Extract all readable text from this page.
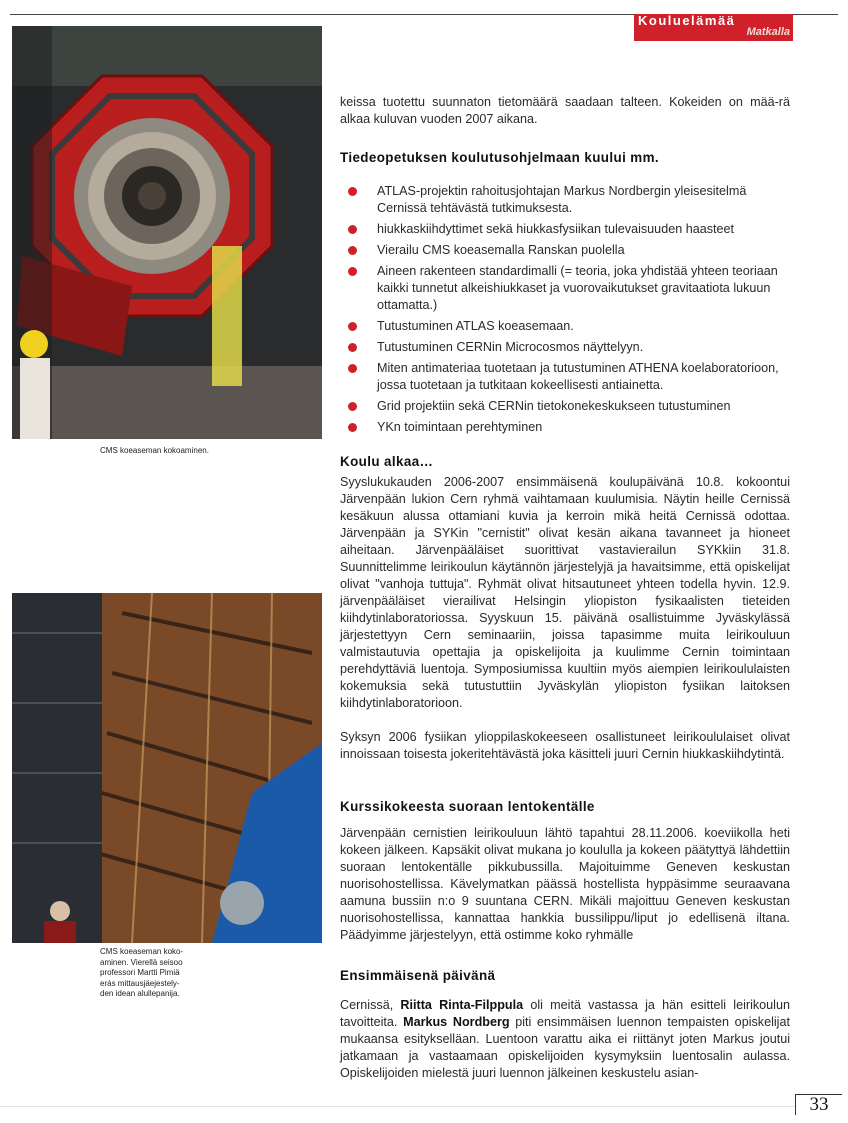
Kouluelämää
Matkalla
CMS koeaseman kokoaminen.
CMS koeaseman koko-
aminen. Vierellä seisoo
professori Martti Pimiä
erás mittausjäejestely-
den idean alullepanija.

keissa tuotettu suunnaton tietomäärä saadaan talteen. Kokeiden on mää-rä alkaa kuluvan vuoden 2007 aikana.

Tiedeopetuksen koulutusohjelmaan kuului mm.
ATLAS-projektin rahoitusjohtajan Markus Nordbergin yleisesitelmä Cernissä tehtävästä tutkimuksesta.
hiukkaskiihdyttimet sekä hiukkasfysiikan tulevaisuuden haasteet
Vierailu CMS koeasemalla Ranskan puolella
Aineen rakenteen standardimalli (= teoria, joka yhdistää yhteen teoriaan kaikki tunnetut alkeishiukkaset ja vuorovaikutukset gravitaatiota lukuun ottamatta.)
Tutustuminen ATLAS koeasemaan.
Tutustuminen CERNin Microcosmos näyttelyyn.
Miten antimateriaa tuotetaan ja tutustuminen ATHENA koelaboratorioon, jossa tuotetaan ja tutkitaan kokeellisesti antiainetta.
Grid projektiin sekä CERNin tietokonekeskukseen tutustuminen
YKn toimintaan perehtyminen
Koulu alkaa…

Syyslukukauden 2006-2007 ensimmäisenä koulupäivänä 10.8. kokoontui Järvenpään lukion Cern ryhmä vaihtamaan kuulumisia. Näytin heille Cernissä kesäkuun alussa ottamiani kuvia ja kerroin mikä heitä Cernissä odottaa. Järvenpään ja SYKin "cernistit" olivat kesän aikana tavanneet ja hioneet aiheitaan. Järvenpääläiset suorittivat vastavierailun SYKkiin 31.8. Suunnittelimme leirikoulun käytännön järjestelyjä ja havaitsimme, että opiskelijat olivat "vanhoja tuttuja". Ryhmät olivat hitsautuneet yhteen todella hyvin. 12.9. järvenpääläiset vierailivat Helsingin yliopiston fysikaalisten tieteiden kiihdytinlaboratoriossa. Syyskuun 15. päivänä osallistuimme Jyväskylässä järjestettyyn Cern seminaariin, joissa tapasimme muita leirikouluun valmistautuvia opettajia ja opiskelijoita ja kuulimme Cernin toimintaan perehdyttäviä luentoja. Symposiumissa kuultiin myös aiempien leirikoululaisten kokemuksia sekä tutustuttiin Jyväskylän yliopiston fysiikan laitoksen kiihdytinlaboratorioon.

Syksyn 2006 fysiikan ylioppilaskokeeseen osallistuneet leirikoululaiset olivat innoissaan toisesta jokeritehtävästä joka käsitteli juuri Cernin hiukkaskiihdytintä.

Kurssikokeesta suoraan lentokentälle

Järvenpään cernistien leirikouluun lähtö tapahtui 28.11.2006. koeviikolla heti kokeen jälkeen. Kapsäkit olivat mukana jo koululla ja kokeen päätyttyä lähdettiin suoraan lentokentälle pikkubussilla. Majoituimme Geneven keskustan nuorisohostellissa. Kävelymatkan päässä hostellista hyppäsimme seuraavana aamuna bussiin n:o 9 suuntana CERN. Mikäli majoittuu Geneven keskustan nuorisohostellissa, kannattaa hankkia bussilippu/liput jo edellisenä iltana. Päädyimme järjestelyyn, että ostimme koko ryhmälle

Ensimmäisenä päivänä

Cernissä, Riitta Rinta-Filppula oli meitä vastassa ja hän esitteli leirikoulun tavoitteita. Markus Nordberg piti ensimmäisen luennon tempaisten opiskelijat mukaansa esitykselläan. Luentoon varattu aika ei riittänyt joten Markus joutui jatkamaan ja vastaamaan opiskelijoiden kysymyksiin luentosalin aulassa. Opiskelijoiden mielestä juuri luennon jälkeinen keskustelu asian-

33
